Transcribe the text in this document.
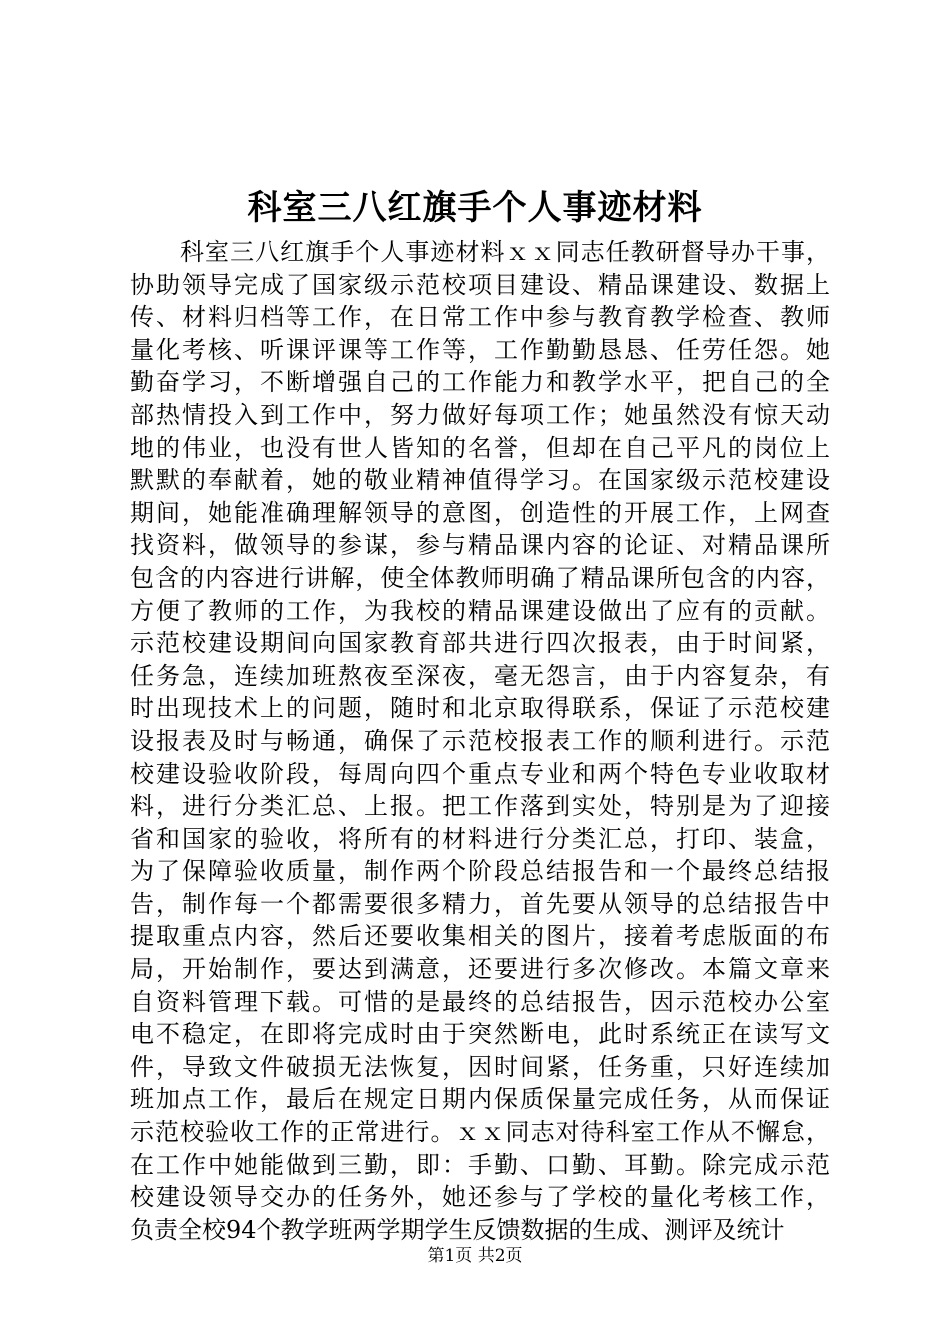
科室三八红旗手个人事迹材料
科室三八红旗手个人事迹材料ｘｘ同志任教研督导办干事，
协助领导完成了国家级示范校项目建设、精品课建设、数据上
传、材料归档等工作，在日常工作中参与教育教学检查、教师
量化考核、听课评课等工作等，工作勤勤恳恳、任劳任怨。她
勤奋学习，不断增强自己的工作能力和教学水平，把自己的全
部热情投入到工作中，努力做好每项工作；她虽然没有惊天动
地的伟业，也没有世人皆知的名誉，但却在自己平凡的岗位上
默默的奉献着，她的敬业精神值得学习。在国家级示范校建设
期间，她能准确理解领导的意图，创造性的开展工作，上网查
找资料，做领导的参谋，参与精品课内容的论证、对精品课所
包含的内容进行讲解，使全体教师明确了精品课所包含的内容，
方便了教师的工作，为我校的精品课建设做出了应有的贡献。
示范校建设期间向国家教育部共进行四次报表，由于时间紧，
任务急，连续加班熬夜至深夜，毫无怨言，由于内容复杂，有
时出现技术上的问题，随时和北京取得联系，保证了示范校建
设报表及时与畅通，确保了示范校报表工作的顺利进行。示范
校建设验收阶段，每周向四个重点专业和两个特色专业收取材
料，进行分类汇总、上报。把工作落到实处，特别是为了迎接
省和国家的验收，将所有的材料进行分类汇总，打印、装盒，
为了保障验收质量，制作两个阶段总结报告和一个最终总结报
告，制作每一个都需要很多精力，首先要从领导的总结报告中
提取重点内容，然后还要收集相关的图片，接着考虑版面的布
局，开始制作，要达到满意，还要进行多次修改。本篇文章来
自资料管理下载。可惜的是最终的总结报告，因示范校办公室
电不稳定，在即将完成时由于突然断电，此时系统正在读写文
件，导致文件破损无法恢复，因时间紧，任务重，只好连续加
班加点工作，最后在规定日期内保质保量完成任务，从而保证
示范校验收工作的正常进行。ｘｘ同志对待科室工作从不懈怠，
在工作中她能做到三勤，即：手勤、口勤、耳勤。除完成示范
校建设领导交办的任务外，她还参与了学校的量化考核工作，
负责全校94个教学班两学期学生反馈数据的生成、测评及统计
第1页 共2页
